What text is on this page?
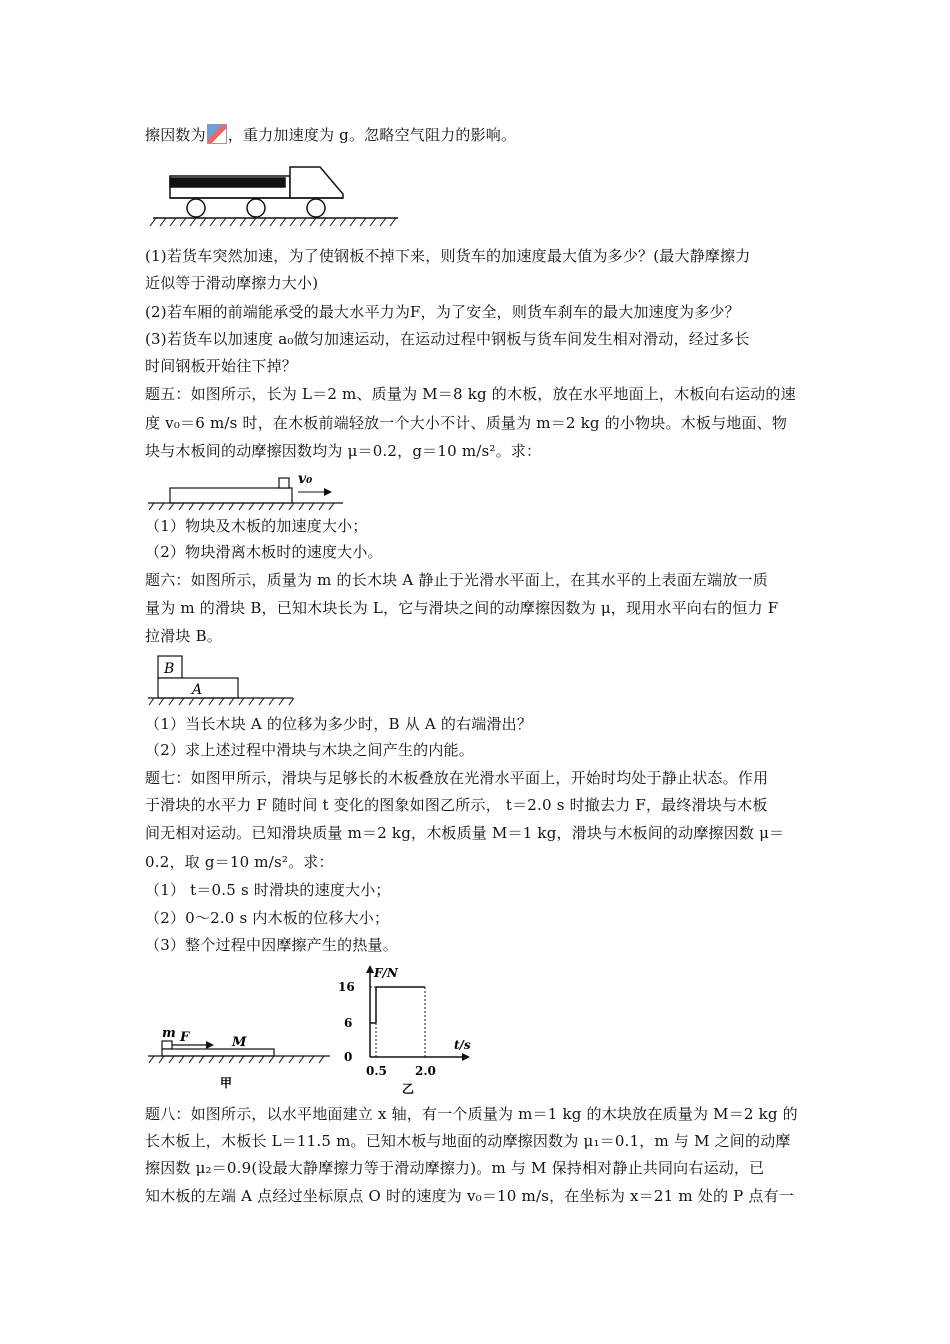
擦因数为 ，重力加速度为 g。忽略空气阻力的影响。
(1)若货车突然加速，为了使钢板不掉下来，则货车的加速度最大值为多少？(最大静摩擦力
近似等于滑动摩擦力大小)
(2)若车厢的前端能承受的最大水平力为F，为了安全，则货车刹车的最大加速度为多少？
(3)若货车以加速度 a₀做匀加速运动，在运动过程中钢板与货车间发生相对滑动，经过多长
时间钢板开始往下掉？
题五：如图所示，长为 L＝2 m、质量为 M＝8 kg 的木板，放在水平地面上，木板向右运动的速
度 v₀＝6 m/s 时，在木板前端轻放一个大小不计、质量为 m＝2 kg 的小物块。木板与地面、物
块与木板间的动摩擦因数均为 μ＝0.2，g＝10 m/s²。求：
v₀
（1）物块及木板的加速度大小；
（2）物块滑离木板时的速度大小。
题六：如图所示，质量为 m 的长木块 A 静止于光滑水平面上，在其水平的上表面左端放一质
量为 m 的滑块 B，已知木块长为 L，它与滑块之间的动摩擦因数为 μ，现用水平向右的恒力 F
拉滑块 B。
B
A
（1）当长木块 A 的位移为多少时，B 从 A 的右端滑出？
（2）求上述过程中滑块与木块之间产生的内能。
题七：如图甲所示，滑块与足够长的木板叠放在光滑水平面上，开始时均处于静止状态。作用
于滑块的水平力 F 随时间 t 变化的图象如图乙所示， t＝2.0 s 时撤去力 F，最终滑块与木板
间无相对运动。已知滑块质量 m＝2 kg，木板质量 M＝1 kg，滑块与木板间的动摩擦因数 μ＝
0.2，取 g＝10 m/s²。求：
（1） t＝0.5 s 时滑块的速度大小；
（2）0～2.0 s 内木板的位移大小；
（3）整个过程中因摩擦产生的热量。
m F	M
甲
F/N
t/s
16
6
0
0.5 2.0
乙
题八：如图所示，以水平地面建立 x 轴，有一个质量为 m＝1 kg 的木块放在质量为 M＝2 kg 的
长木板上，木板长 L＝11.5 m。已知木板与地面的动摩擦因数为 μ₁＝0.1，m 与 M 之间的动摩
擦因数 μ₂＝0.9(设最大静摩擦力等于滑动摩擦力)。m 与 M 保持相对静止共同向右运动，已
知木板的左端 A 点经过坐标原点 O 时的速度为 v₀＝10 m/s，在坐标为 x＝21 m 处的 P 点有一
